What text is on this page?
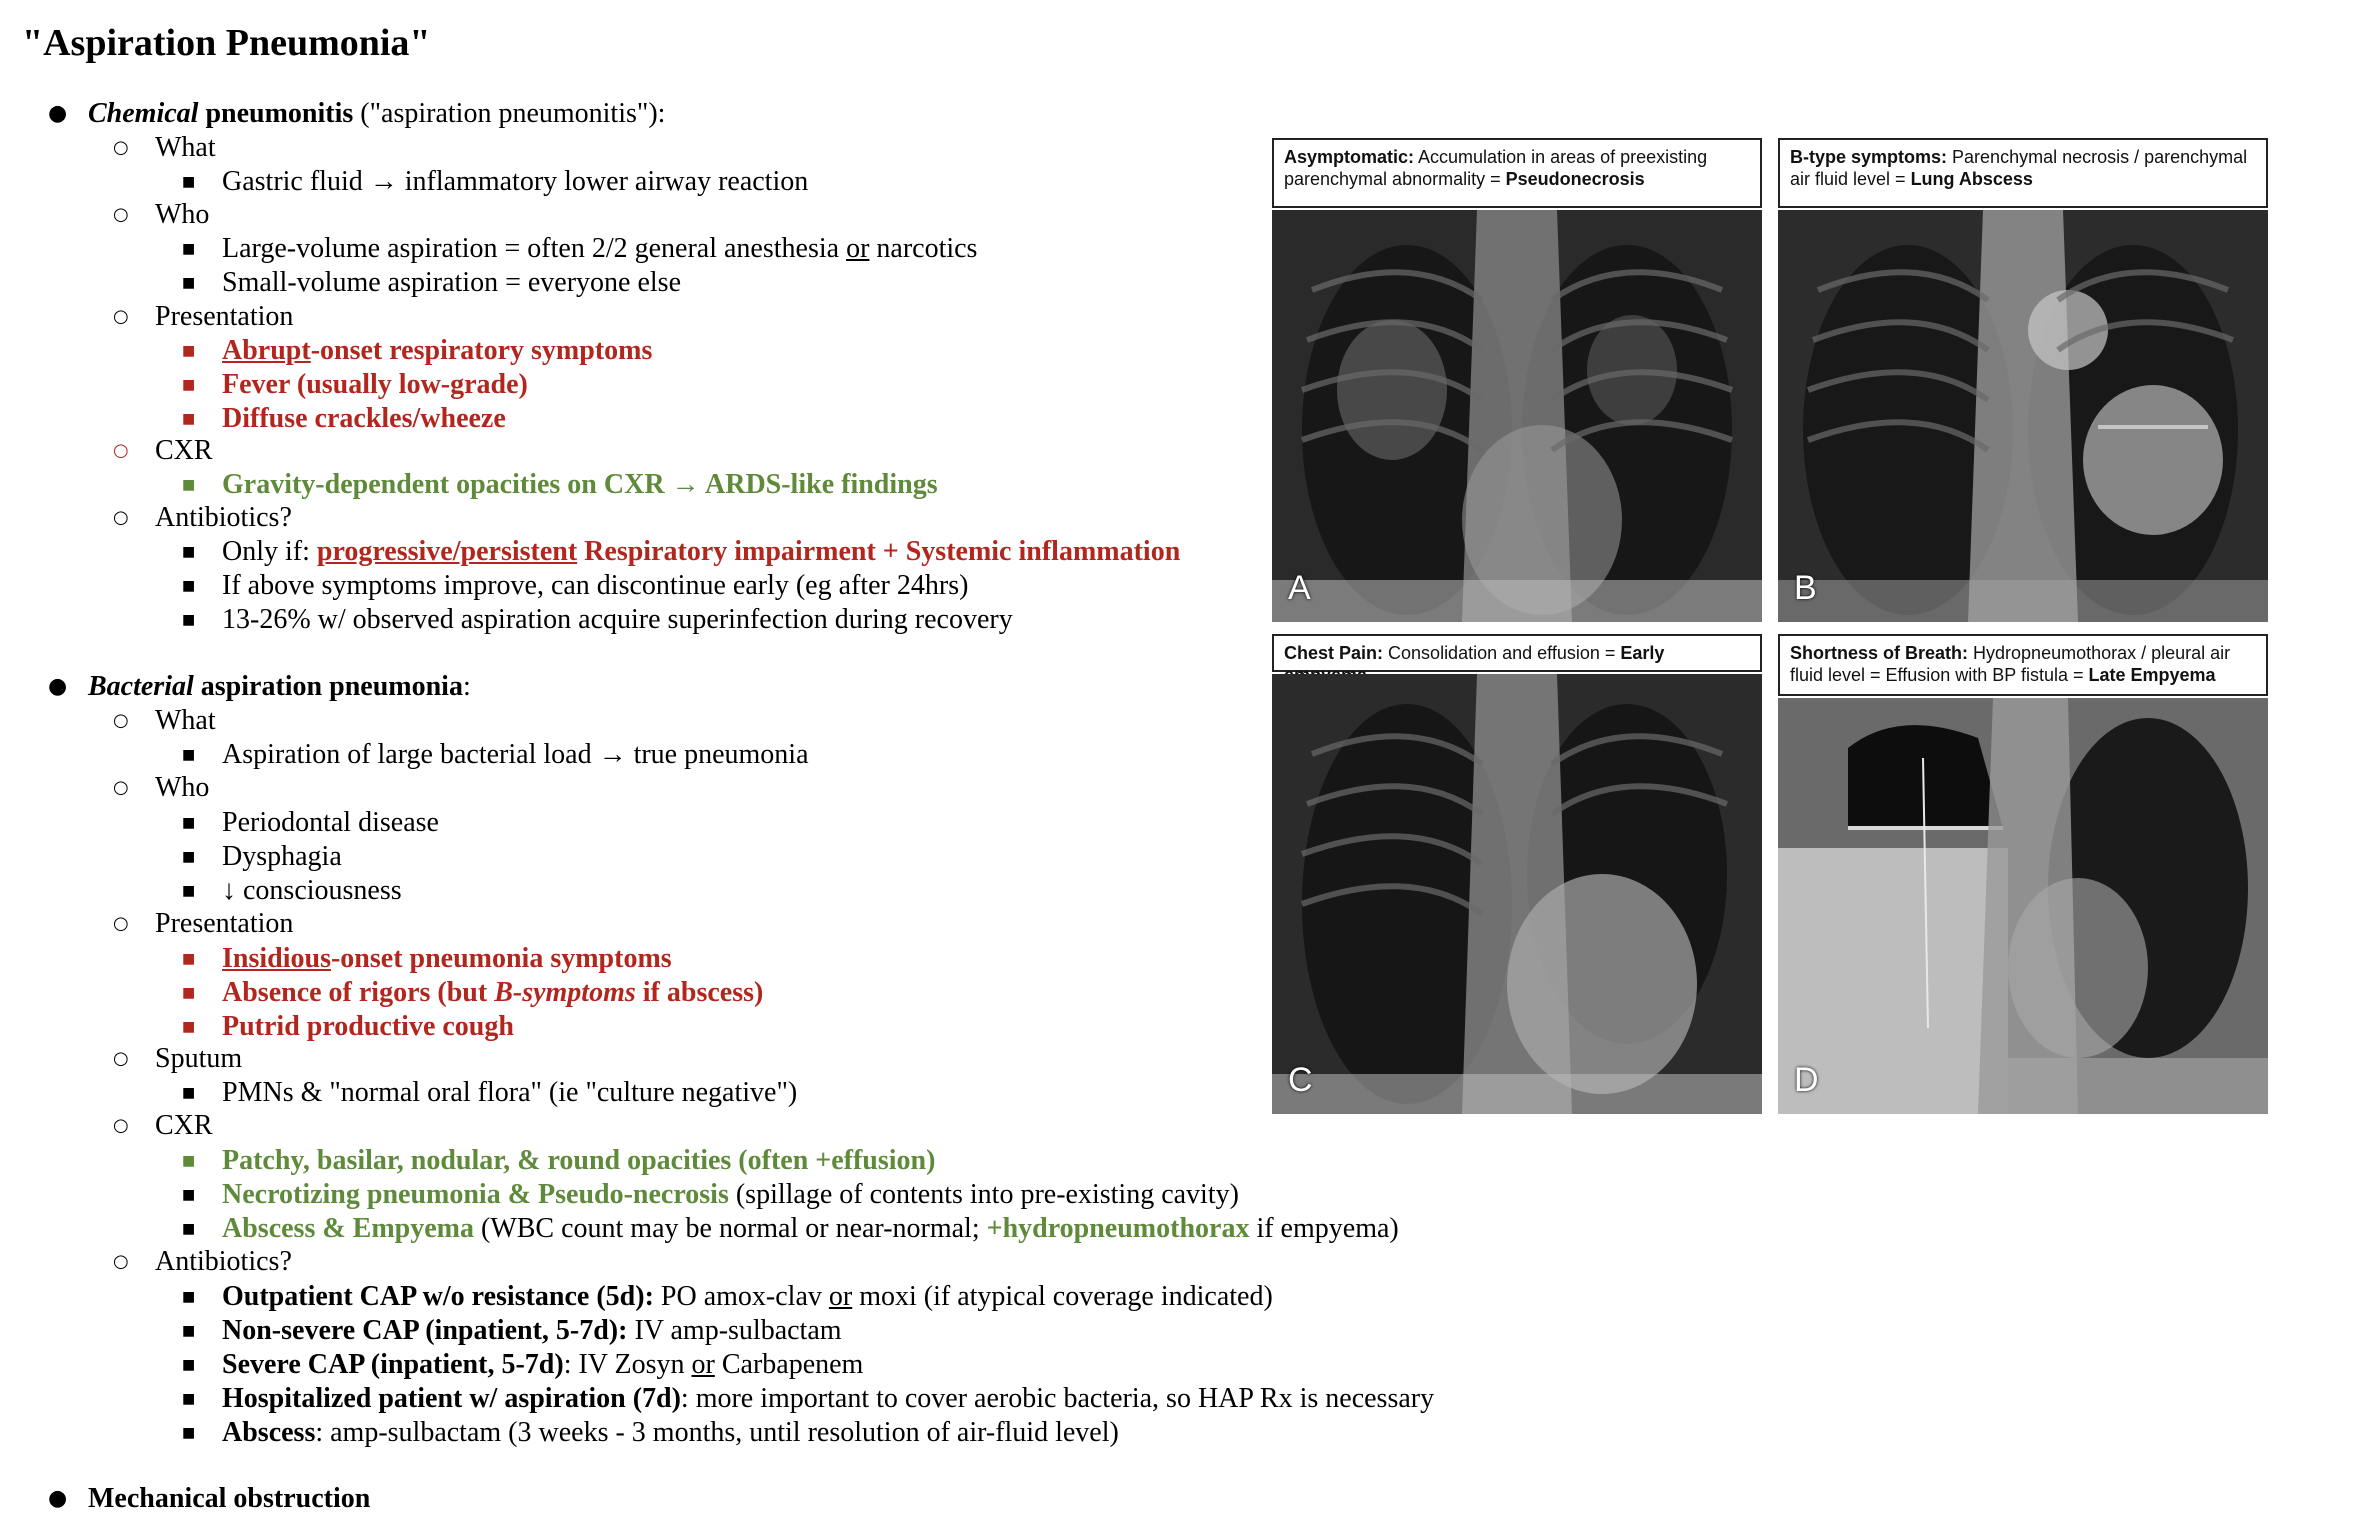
"Aspiration Pneumonia"
● Chemical pneumonitis ("aspiration pneumonitis"):
○ What
■ Gastric fluid → inflammatory lower airway reaction
○ Who
■ Large-volume aspiration = often 2/2 general anesthesia or narcotics
■ Small-volume aspiration = everyone else
○ Presentation
■ Abrupt-onset respiratory symptoms
■ Fever (usually low-grade)
■ Diffuse crackles/wheeze
○ CXR
■ Gravity-dependent opacities on CXR → ARDS-like findings
○ Antibiotics?
■ Only if: progressive/persistent Respiratory impairment + Systemic inflammation
■ If above symptoms improve, can discontinue early (eg after 24hrs)
■ 13-26% w/ observed aspiration acquire superinfection during recovery
● Bacterial aspiration pneumonia:
○ What
■ Aspiration of large bacterial load → true pneumonia
○ Who
■ Periodontal disease
■ Dysphagia
■ ↓ consciousness
○ Presentation
■ Insidious-onset pneumonia symptoms
■ Absence of rigors (but B-symptoms if abscess)
■ Putrid productive cough
○ Sputum
■ PMNs & "normal oral flora" (ie "culture negative")
○ CXR
■ Patchy, basilar, nodular, & round opacities (often +effusion)
■ Necrotizing pneumonia & Pseudo-necrosis (spillage of contents into pre-existing cavity)
■ Abscess & Empyema (WBC count may be normal or near-normal; +hydropneumothorax if empyema)
○ Antibiotics?
■ Outpatient CAP w/o resistance (5d): PO amox-clav or moxi (if atypical coverage indicated)
■ Non-severe CAP (inpatient, 5-7d): IV amp-sulbactam
■ Severe CAP (inpatient, 5-7d): IV Zosyn or Carbapenem
■ Hospitalized patient w/ aspiration (7d): more important to cover aerobic bacteria, so HAP Rx is necessary
■ Abscess: amp-sulbactam (3 weeks - 3 months, until resolution of air-fluid level)
● Mechanical obstruction
Asymptomatic: Accumulation in areas of preexisting parenchymal abnormality = Pseudonecrosis
A
B-type symptoms: Parenchymal necrosis / parenchymal air fluid level = Lung Abscess
B
Chest Pain: Consolidation and effusion = Early
C
Shortness of Breath: Hydropneumothorax / pleural air fluid level = Effusion with BP fistula = Late Empyema
D
